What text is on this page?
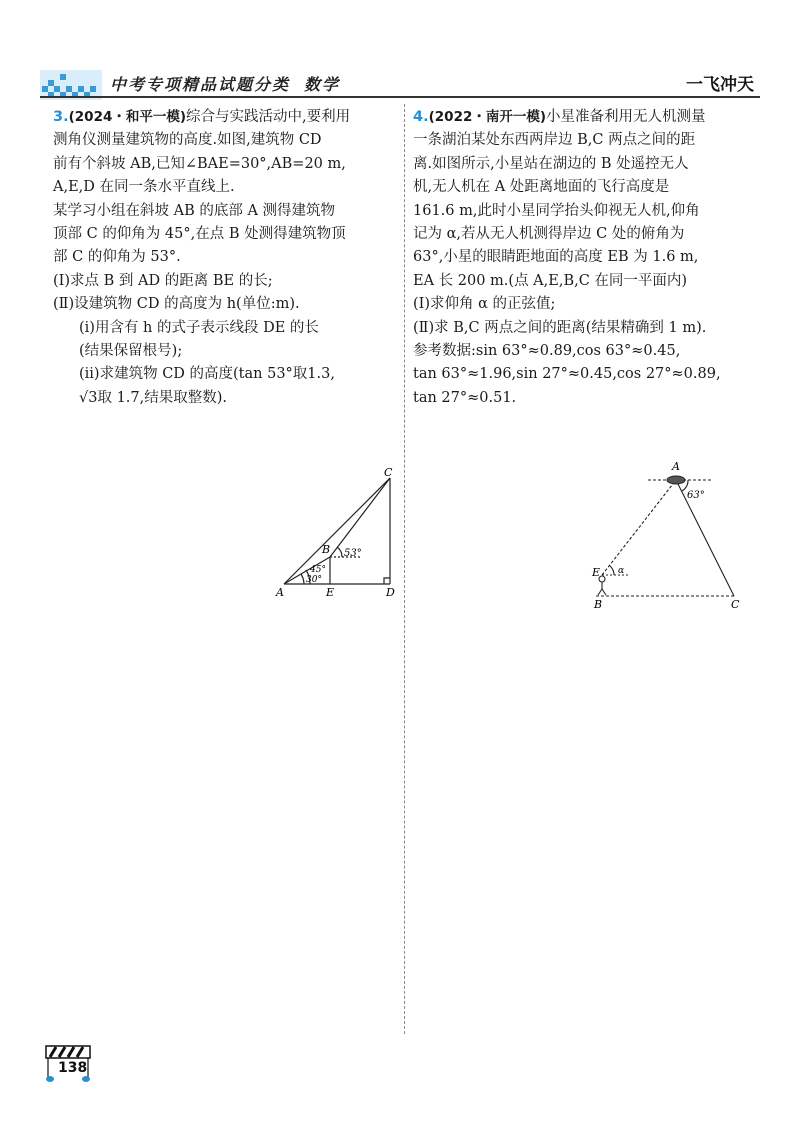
中考专项精品试题分类 数学	一飞冲天

3.(2024・和平一模)综合与实践活动中,要利用

测角仪测量建筑物的高度.如图,建筑物 CD

前有个斜坡 AB,已知∠BAE=30°,AB=20 m,

A,E,D 在同一条水平直线上.

某学习小组在斜坡 AB 的底部 A 测得建筑物

顶部 C 的仰角为 45°,在点 B 处测得建筑物顶

部 C 的仰角为 53°.

(Ⅰ)求点 B 到 AD 的距离 BE 的长;

(Ⅱ)设建筑物 CD 的高度为 h(单位:m).

(ⅰ)用含有 h 的式子表示线段 DE 的长

(结果保留根号);

(ⅱ)求建筑物 CD 的高度(tan 53°取1.3,

√3取 1.7,结果取整数).

A
B
C
D
E
53°
45°
30°

4.(2022・南开一模)小星准备利用无人机测量

一条湖泊某处东西两岸边 B,C 两点之间的距

离.如图所示,小星站在湖边的 B 处遥控无人

机,无人机在 A 处距离地面的飞行高度是

161.6 m,此时小星同学抬头仰视无人机,仰角

记为 α,若从无人机测得岸边 C 处的俯角为

63°,小星的眼睛距地面的高度 EB 为 1.6 m,

EA 长 200 m.(点 A,E,B,C 在同一平面内)

(Ⅰ)求仰角 α 的正弦值;

(Ⅱ)求 B,C 两点之间的距离(结果精确到 1 m).

参考数据:sin 63°≈0.89,cos 63°≈0.45,

tan 63°≈1.96,sin 27°≈0.45,cos 27°≈0.89,

tan 27°≈0.51.

A
B	C
E
63°
α
138
